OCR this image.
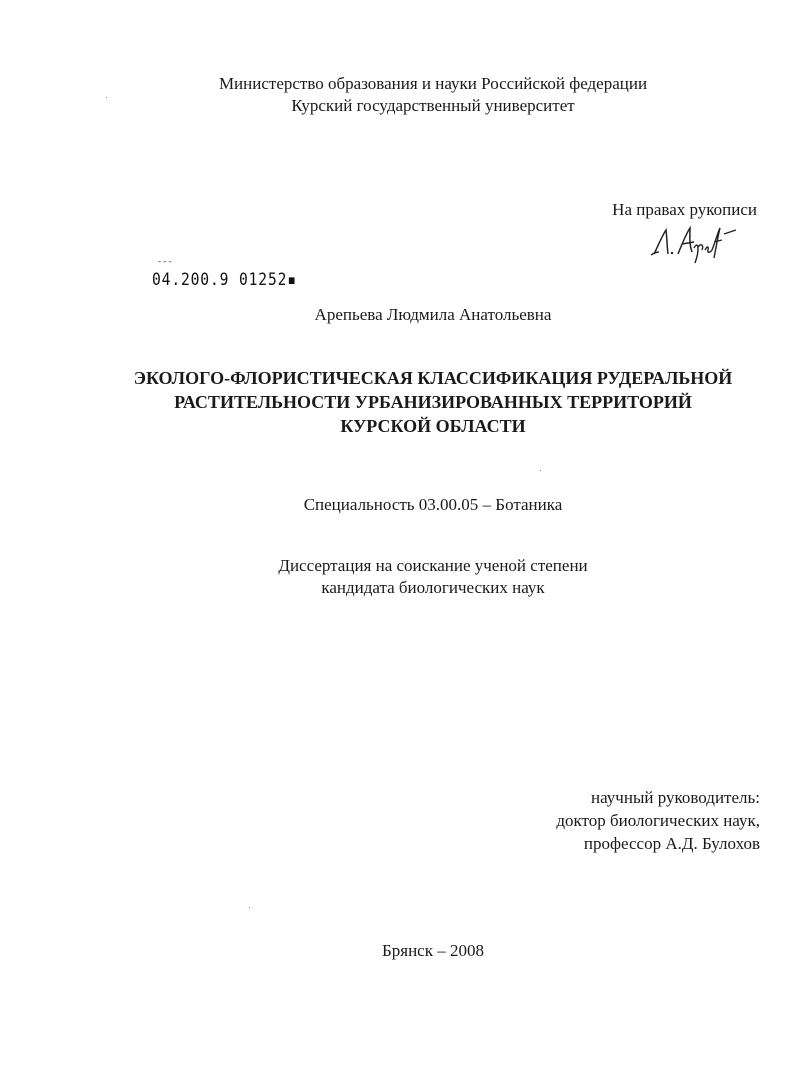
Министерство образования и науки Российской федерации
Курский государственный университет
На правах рукописи
- - -
04.200.9 01252▪
Арепьева Людмила Анатольевна
ЭКОЛОГО-ФЛОРИСТИЧЕСКАЯ КЛАССИФИКАЦИЯ РУДЕРАЛЬНОЙ
РАСТИТЕЛЬНОСТИ УРБАНИЗИРОВАННЫХ ТЕРРИТОРИЙ
КУРСКОЙ ОБЛАСТИ
Специальность 03.00.05 – Ботаника
Диссертация на соискание ученой степени
кандидата биологических наук
научный руководитель:
доктор биологических наук,
профессор А.Д. Булохов
Брянск – 2008
